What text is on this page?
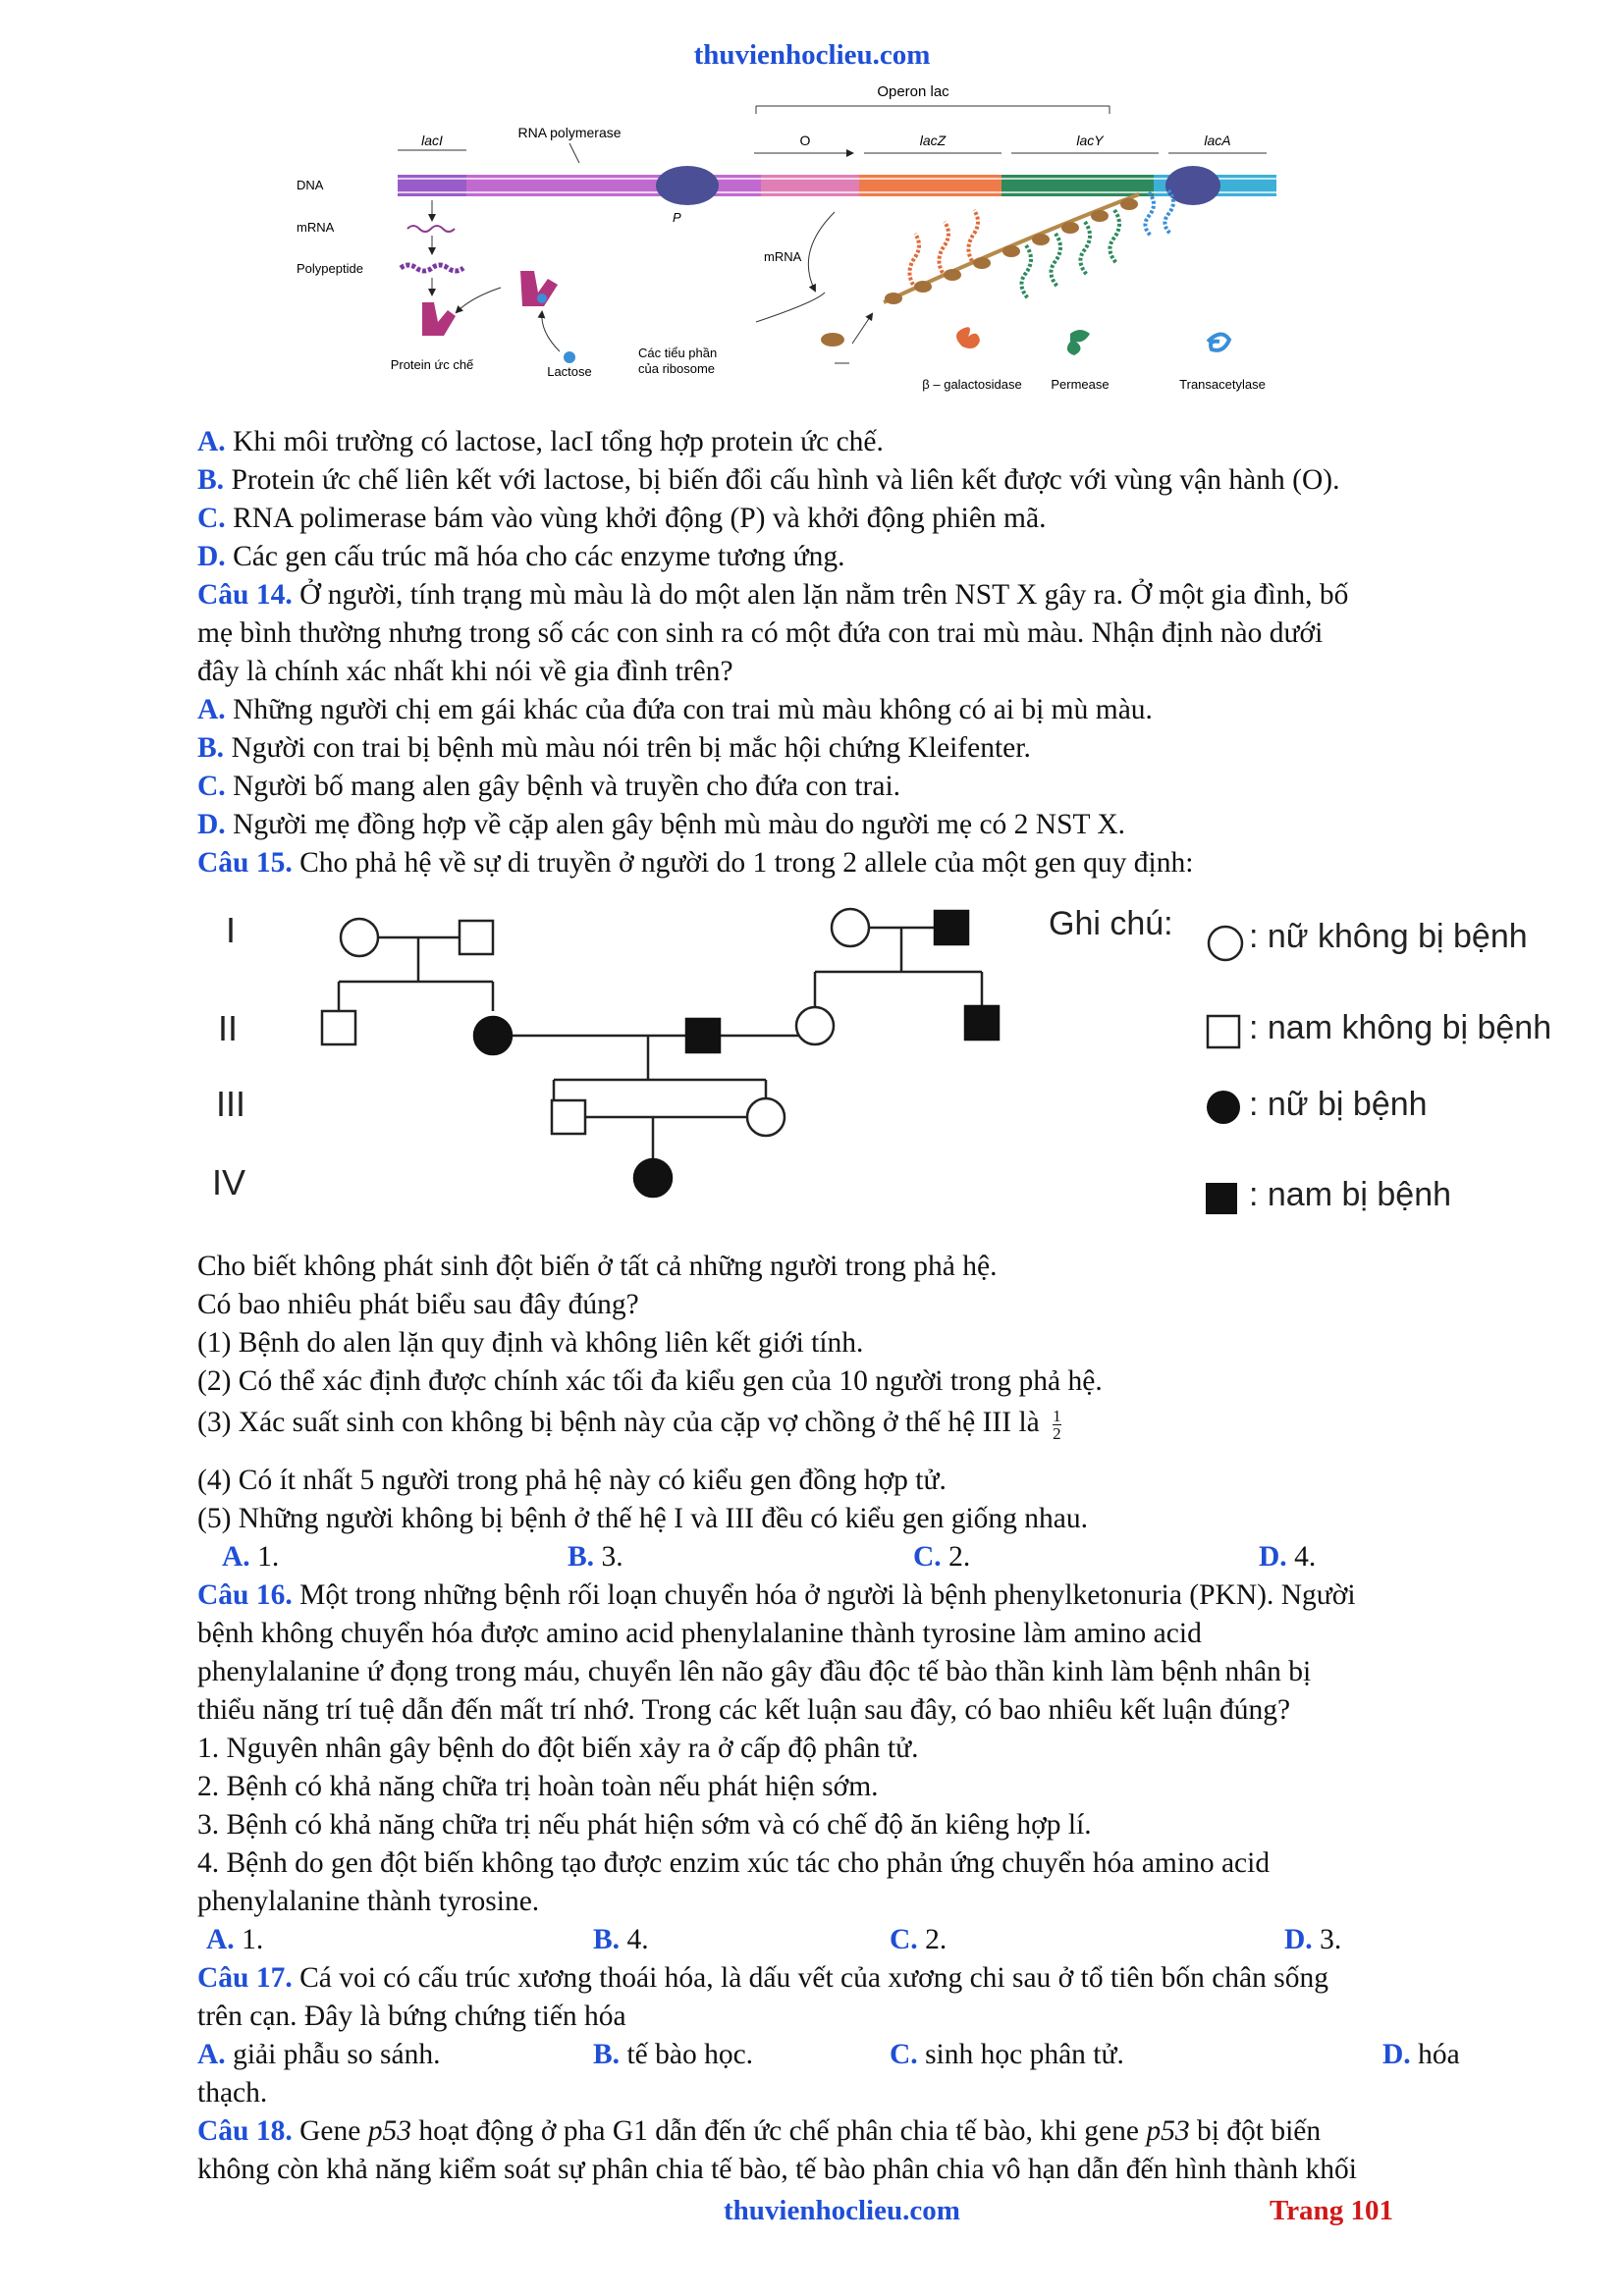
thuvienhoclieu.com
Operon lac
lacI	RNA polymerase	O	lacZ	lacY	lacA
DNA
P
mRNA
Polypeptide
Protein ức chế	Lactose
mRNA
Các tiểu phần
của ribosome
β – galactosidase Permease	Transacetylase
A. Khi môi trường có lactose, lacI tổng hợp protein ức chế.
B. Protein ức chế liên kết với lactose, bị biến đổi cấu hình và liên kết được với vùng vận hành (O).
C. RNA polimerase bám vào vùng khởi động (P) và khởi động phiên mã.
D. Các gen cấu trúc mã hóa cho các enzyme tương ứng.
Câu 14. Ở người, tính trạng mù màu là do một alen lặn nằm trên NST X gây ra. Ở một gia đình, bố
mẹ bình thường nhưng trong số các con sinh ra có một đứa con trai mù màu. Nhận định nào dưới
đây là chính xác nhất khi nói về gia đình trên?
A. Những người chị em gái khác của đứa con trai mù màu không có ai bị mù màu.
B. Người con trai bị bệnh mù màu nói trên bị mắc hội chứng Kleifenter.
C. Người bố mang alen gây bệnh và truyền cho đứa con trai.
D. Người mẹ đồng hợp về cặp alen gây bệnh mù màu do người mẹ có 2 NST X.
Câu 15. Cho phả hệ về sự di truyền ở người do 1 trong 2 allele của một gen quy định:
I
II
III
IV
Ghi chú: : nữ không bị bệnh
: nam không bị bệnh
: nữ bị bệnh
: nam bị bệnh
Cho biết không phát sinh đột biến ở tất cả những người trong phả hệ.
Có bao nhiêu phát biểu sau đây đúng?
(1) Bệnh do alen lặn quy định và không liên kết giới tính.
(2) Có thể xác định được chính xác tối đa kiểu gen của 10 người trong phả hệ.
(3) Xác suất sinh con không bị bệnh này của cặp vợ chồng ở thế hệ III là $\frac{1}{2}$
(4) Có ít nhất 5 người trong phả hệ này có kiểu gen đồng hợp tử.
(5) Những người không bị bệnh ở thế hệ I và III đều có kiểu gen giống nhau.
A. 1.	B. 3.	C. 2.	D. 4.
Câu 16. Một trong những bệnh rối loạn chuyển hóa ở người là bệnh phenylketonuria (PKN). Người
bệnh không chuyển hóa được amino acid phenylalanine thành tyrosine làm amino acid
phenylalanine ứ đọng trong máu, chuyển lên não gây đầu độc tế bào thần kinh làm bệnh nhân bị
thiểu năng trí tuệ dẫn đến mất trí nhớ. Trong các kết luận sau đây, có bao nhiêu kết luận đúng?
1. Nguyên nhân gây bệnh do đột biến xảy ra ở cấp độ phân tử.
2. Bệnh có khả năng chữa trị hoàn toàn nếu phát hiện sớm.
3. Bệnh có khả năng chữa trị nếu phát hiện sớm và có chế độ ăn kiêng hợp lí.
4. Bệnh do gen đột biến không tạo được enzim xúc tác cho phản ứng chuyển hóa amino acid
phenylalanine thành tyrosine.
A. 1.	B. 4.	C. 2.	D. 3.
Câu 17. Cá voi có cấu trúc xương thoái hóa, là dấu vết của xương chi sau ở tổ tiên bốn chân sống
trên cạn. Đây là bứng chứng tiến hóa
A. giải phẫu so sánh.	B. tế bào học.	C. sinh học phân tử.	D. hóa
thạch.
Câu 18. Gene p53 hoạt động ở pha G1 dẫn đến ức chế phân chia tế bào, khi gene p53 bị đột biến
không còn khả năng kiểm soát sự phân chia tế bào, tế bào phân chia vô hạn dẫn đến hình thành khối
thuvienhoclieu.com	Trang 101
